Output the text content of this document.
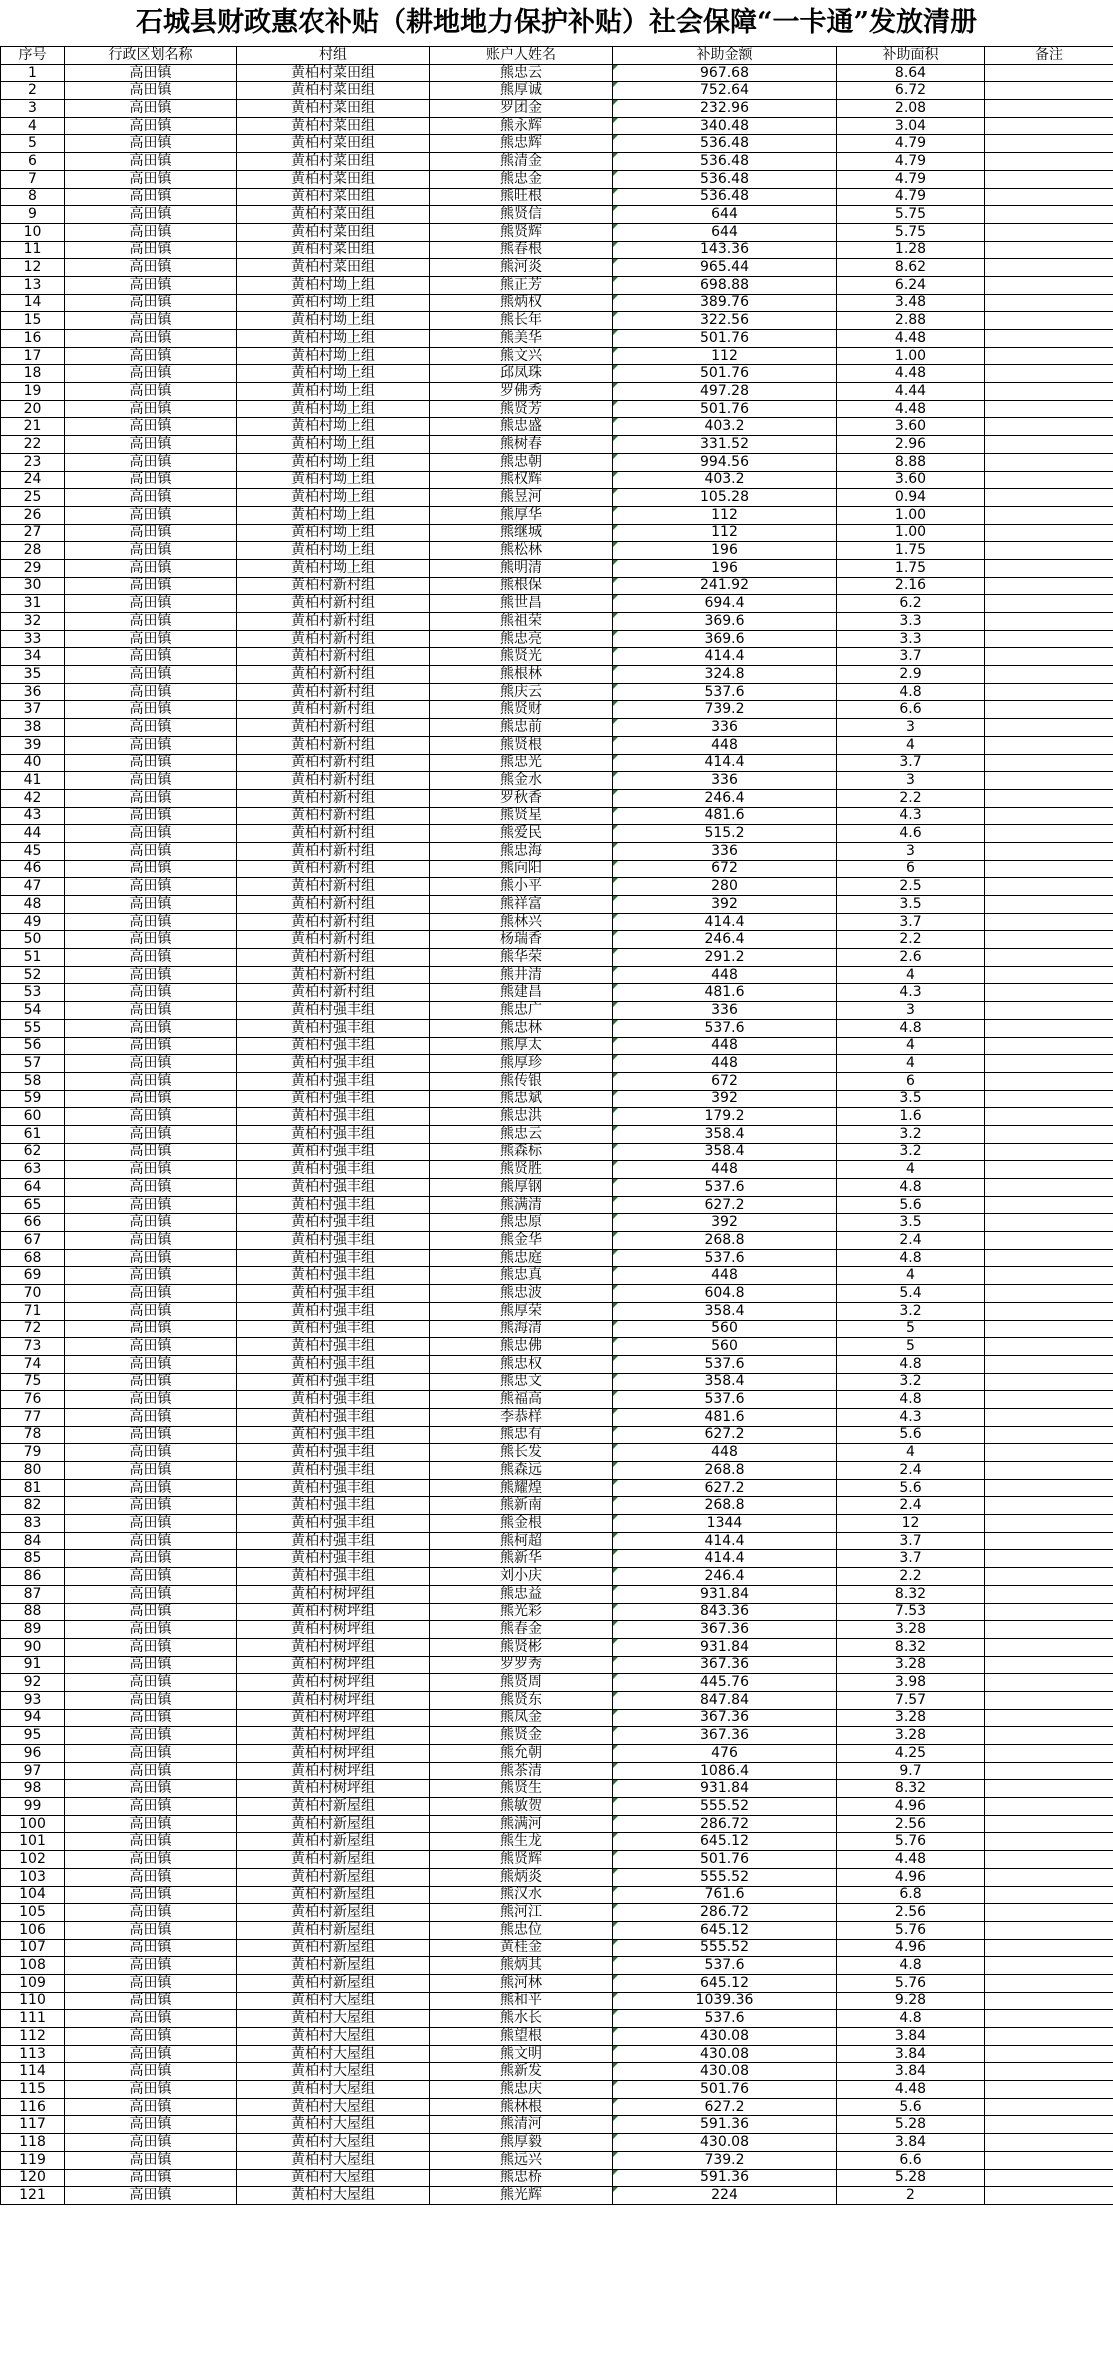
石城县财政惠农补贴（耕地地力保护补贴）社会保障“一卡通”发放清册
序号	行政区划名称	村组	账户人姓名	补助金额	补助面积	备注
1	高田镇	黄柏村菜田组	熊忠云	967.68	8.64	
2	高田镇	黄柏村菜田组	熊厚诚	752.64	6.72	
3	高田镇	黄柏村菜田组	罗团金	232.96	2.08	
4	高田镇	黄柏村菜田组	熊永辉	340.48	3.04	
5	高田镇	黄柏村菜田组	熊忠辉	536.48	4.79	
6	高田镇	黄柏村菜田组	熊清金	536.48	4.79	
7	高田镇	黄柏村菜田组	熊忠金	536.48	4.79	
8	高田镇	黄柏村菜田组	熊旺根	536.48	4.79	
9	高田镇	黄柏村菜田组	熊贤信	644	5.75	
10	高田镇	黄柏村菜田组	熊贤辉	644	5.75	
11	高田镇	黄柏村菜田组	熊春根	143.36	1.28	
12	高田镇	黄柏村菜田组	熊河炎	965.44	8.62	
13	高田镇	黄柏村坳上组	熊正芳	698.88	6.24	
14	高田镇	黄柏村坳上组	熊炳权	389.76	3.48	
15	高田镇	黄柏村坳上组	熊长年	322.56	2.88	
16	高田镇	黄柏村坳上组	熊美华	501.76	4.48	
17	高田镇	黄柏村坳上组	熊文兴	112	1.00	
18	高田镇	黄柏村坳上组	邱凤珠	501.76	4.48	
19	高田镇	黄柏村坳上组	罗佛秀	497.28	4.44	
20	高田镇	黄柏村坳上组	熊贤芳	501.76	4.48	
21	高田镇	黄柏村坳上组	熊忠盛	403.2	3.60	
22	高田镇	黄柏村坳上组	熊树春	331.52	2.96	
23	高田镇	黄柏村坳上组	熊忠朝	994.56	8.88	
24	高田镇	黄柏村坳上组	熊权辉	403.2	3.60	
25	高田镇	黄柏村坳上组	熊昱河	105.28	0.94	
26	高田镇	黄柏村坳上组	熊厚华	112	1.00	
27	高田镇	黄柏村坳上组	熊继城	112	1.00	
28	高田镇	黄柏村坳上组	熊松林	196	1.75	
29	高田镇	黄柏村坳上组	熊明清	196	1.75	
30	高田镇	黄柏村新村组	熊根保	241.92	2.16	
31	高田镇	黄柏村新村组	熊世昌	694.4	6.2	
32	高田镇	黄柏村新村组	熊祖荣	369.6	3.3	
33	高田镇	黄柏村新村组	熊忠亮	369.6	3.3	
34	高田镇	黄柏村新村组	熊贤光	414.4	3.7	
35	高田镇	黄柏村新村组	熊根林	324.8	2.9	
36	高田镇	黄柏村新村组	熊庆云	537.6	4.8	
37	高田镇	黄柏村新村组	熊贤财	739.2	6.6	
38	高田镇	黄柏村新村组	熊忠前	336	3	
39	高田镇	黄柏村新村组	熊贤根	448	4	
40	高田镇	黄柏村新村组	熊忠光	414.4	3.7	
41	高田镇	黄柏村新村组	熊金水	336	3	
42	高田镇	黄柏村新村组	罗秋香	246.4	2.2	
43	高田镇	黄柏村新村组	熊贤星	481.6	4.3	
44	高田镇	黄柏村新村组	熊爱民	515.2	4.6	
45	高田镇	黄柏村新村组	熊忠海	336	3	
46	高田镇	黄柏村新村组	熊向阳	672	6	
47	高田镇	黄柏村新村组	熊小平	280	2.5	
48	高田镇	黄柏村新村组	熊祥富	392	3.5	
49	高田镇	黄柏村新村组	熊林兴	414.4	3.7	
50	高田镇	黄柏村新村组	杨瑞香	246.4	2.2	
51	高田镇	黄柏村新村组	熊华荣	291.2	2.6	
52	高田镇	黄柏村新村组	熊井清	448	4	
53	高田镇	黄柏村新村组	熊建昌	481.6	4.3	
54	高田镇	黄柏村强丰组	熊忠广	336	3	
55	高田镇	黄柏村强丰组	熊忠林	537.6	4.8	
56	高田镇	黄柏村强丰组	熊厚太	448	4	
57	高田镇	黄柏村强丰组	熊厚珍	448	4	
58	高田镇	黄柏村强丰组	熊传银	672	6	
59	高田镇	黄柏村强丰组	熊忠斌	392	3.5	
60	高田镇	黄柏村强丰组	熊忠洪	179.2	1.6	
61	高田镇	黄柏村强丰组	熊忠云	358.4	3.2	
62	高田镇	黄柏村强丰组	熊森标	358.4	3.2	
63	高田镇	黄柏村强丰组	熊贤胜	448	4	
64	高田镇	黄柏村强丰组	熊厚钢	537.6	4.8	
65	高田镇	黄柏村强丰组	熊满清	627.2	5.6	
66	高田镇	黄柏村强丰组	熊忠原	392	3.5	
67	高田镇	黄柏村强丰组	熊金华	268.8	2.4	
68	高田镇	黄柏村强丰组	熊忠庭	537.6	4.8	
69	高田镇	黄柏村强丰组	熊忠真	448	4	
70	高田镇	黄柏村强丰组	熊忠波	604.8	5.4	
71	高田镇	黄柏村强丰组	熊厚荣	358.4	3.2	
72	高田镇	黄柏村强丰组	熊海清	560	5	
73	高田镇	黄柏村强丰组	熊忠佛	560	5	
74	高田镇	黄柏村强丰组	熊忠权	537.6	4.8	
75	高田镇	黄柏村强丰组	熊忠文	358.4	3.2	
76	高田镇	黄柏村强丰组	熊福高	537.6	4.8	
77	高田镇	黄柏村强丰组	李恭样	481.6	4.3	
78	高田镇	黄柏村强丰组	熊忠有	627.2	5.6	
79	高田镇	黄柏村强丰组	熊长发	448	4	
80	高田镇	黄柏村强丰组	熊森远	268.8	2.4	
81	高田镇	黄柏村强丰组	熊耀煌	627.2	5.6	
82	高田镇	黄柏村强丰组	熊新南	268.8	2.4	
83	高田镇	黄柏村强丰组	熊金根	1344	12	
84	高田镇	黄柏村强丰组	熊柯超	414.4	3.7	
85	高田镇	黄柏村强丰组	熊新华	414.4	3.7	
86	高田镇	黄柏村强丰组	刘小庆	246.4	2.2	
87	高田镇	黄柏村树坪组	熊忠益	931.84	8.32	
88	高田镇	黄柏村树坪组	熊光彩	843.36	7.53	
89	高田镇	黄柏村树坪组	熊春金	367.36	3.28	
90	高田镇	黄柏村树坪组	熊贤彬	931.84	8.32	
91	高田镇	黄柏村树坪组	罗罗秀	367.36	3.28	
92	高田镇	黄柏村树坪组	熊贤周	445.76	3.98	
93	高田镇	黄柏村树坪组	熊贤东	847.84	7.57	
94	高田镇	黄柏村树坪组	熊凤金	367.36	3.28	
95	高田镇	黄柏村树坪组	熊贤金	367.36	3.28	
96	高田镇	黄柏村树坪组	熊允朝	476	4.25	
97	高田镇	黄柏村树坪组	熊茶清	1086.4	9.7	
98	高田镇	黄柏村树坪组	熊贤生	931.84	8.32	
99	高田镇	黄柏村新屋组	熊敏贺	555.52	4.96	
100	高田镇	黄柏村新屋组	熊满河	286.72	2.56	
101	高田镇	黄柏村新屋组	熊生龙	645.12	5.76	
102	高田镇	黄柏村新屋组	熊贤辉	501.76	4.48	
103	高田镇	黄柏村新屋组	熊炳炎	555.52	4.96	
104	高田镇	黄柏村新屋组	熊汉水	761.6	6.8	
105	高田镇	黄柏村新屋组	熊河江	286.72	2.56	
106	高田镇	黄柏村新屋组	熊忠位	645.12	5.76	
107	高田镇	黄柏村新屋组	黄桂金	555.52	4.96	
108	高田镇	黄柏村新屋组	熊炳其	537.6	4.8	
109	高田镇	黄柏村新屋组	熊河林	645.12	5.76	
110	高田镇	黄柏村大屋组	熊和平	1039.36	9.28	
111	高田镇	黄柏村大屋组	熊水长	537.6	4.8	
112	高田镇	黄柏村大屋组	熊望根	430.08	3.84	
113	高田镇	黄柏村大屋组	熊文明	430.08	3.84	
114	高田镇	黄柏村大屋组	熊新发	430.08	3.84	
115	高田镇	黄柏村大屋组	熊忠庆	501.76	4.48	
116	高田镇	黄柏村大屋组	熊林根	627.2	5.6	
117	高田镇	黄柏村大屋组	熊清河	591.36	5.28	
118	高田镇	黄柏村大屋组	熊厚毅	430.08	3.84	
119	高田镇	黄柏村大屋组	熊远兴	739.2	6.6	
120	高田镇	黄柏村大屋组	熊忠桥	591.36	5.28	
121	高田镇	黄柏村大屋组	熊光辉	224	2	
